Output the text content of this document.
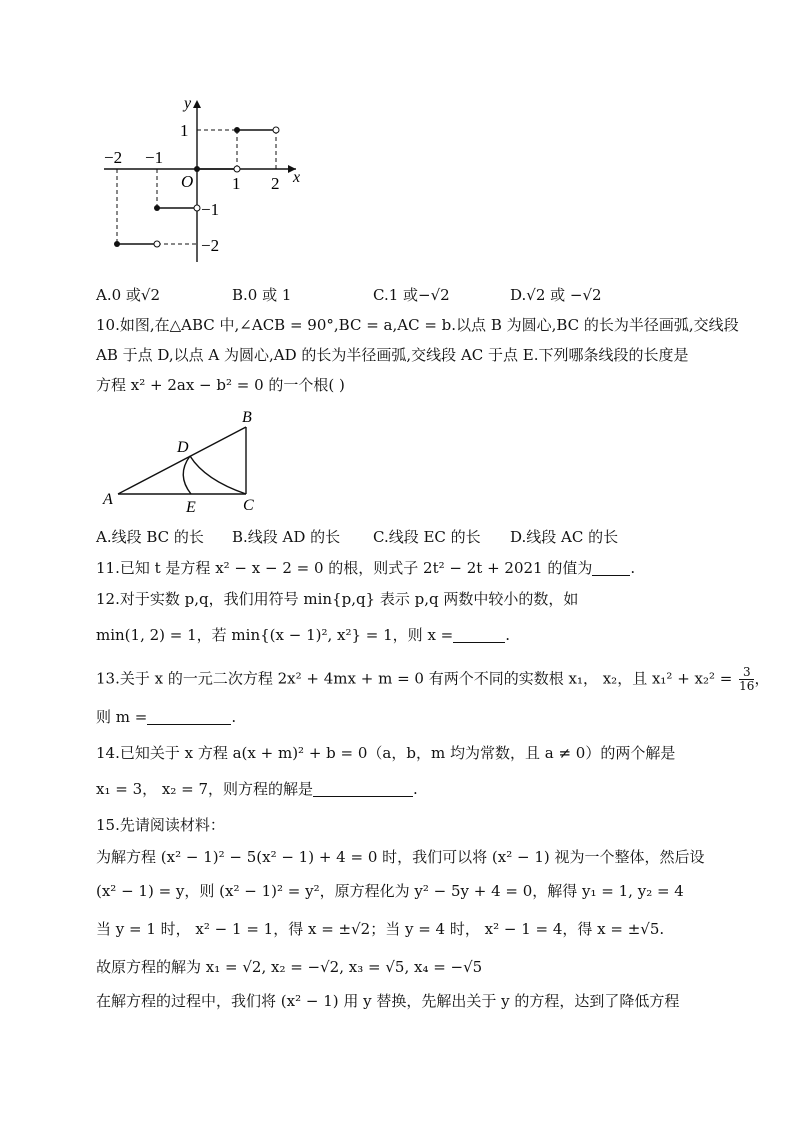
y
x
O
−2 −1
1 2
1
−1
−2
A.0 或√2	B.0 或 1	C.1 或−√2	D.√2 或 −√2
10.如图,在△ABC 中,∠ACB = 90°,BC = a,AC = b.以点 B 为圆心,BC 的长为半径画弧,交线段
AB 于点 D,以点 A 为圆心,AD 的长为半径画弧,交线段 AC 于点 E.下列哪条线段的长度是
方程 x² + 2ax − b² = 0 的一个根( )
A
B
C
D
E
A.线段 BC 的长 B.线段 AD 的长 C.线段 EC 的长 D.线段 AC 的长
11.已知 t 是方程 x² − x − 2 = 0 的根，则式子 2t² − 2t + 2021 的值为	.
12.对于实数 p,q，我们用符号 min{p,q} 表示 p,q 两数中较小的数，如
min(1, 2) = 1，若 min{(x − 1)², x²} = 1，则 x =	.
13.关于 x 的一元二次方程 2x² + 4mx + m = 0 有两个不同的实数根 x₁， x₂，且 $x_1^2 + x_2^2 = \frac{3}{16}$ ，
则 m =	.
14.已知关于 x 方程 a(x + m)² + b = 0（a，b，m 均为常数，且 a ≠ 0）的两个解是
x₁ = 3， x₂ = 7，则方程的解是	.
15.先请阅读材料：
为解方程 (x² − 1)² − 5(x² − 1) + 4 = 0 时，我们可以将 (x² − 1) 视为一个整体，然后设
(x² − 1) = y，则 (x² − 1)² = y²，原方程化为 y² − 5y + 4 = 0，解得 y₁ = 1, y₂ = 4
当 y = 1 时， x² − 1 = 1，得 x = ±√2；当 y = 4 时， x² − 1 = 4，得 x = ±√5.
故原方程的解为 x₁ = √2, x₂ = −√2, x₃ = √5, x₄ = −√5
在解方程的过程中，我们将 (x² − 1) 用 y 替换，先解出关于 y 的方程，达到了降低方程
